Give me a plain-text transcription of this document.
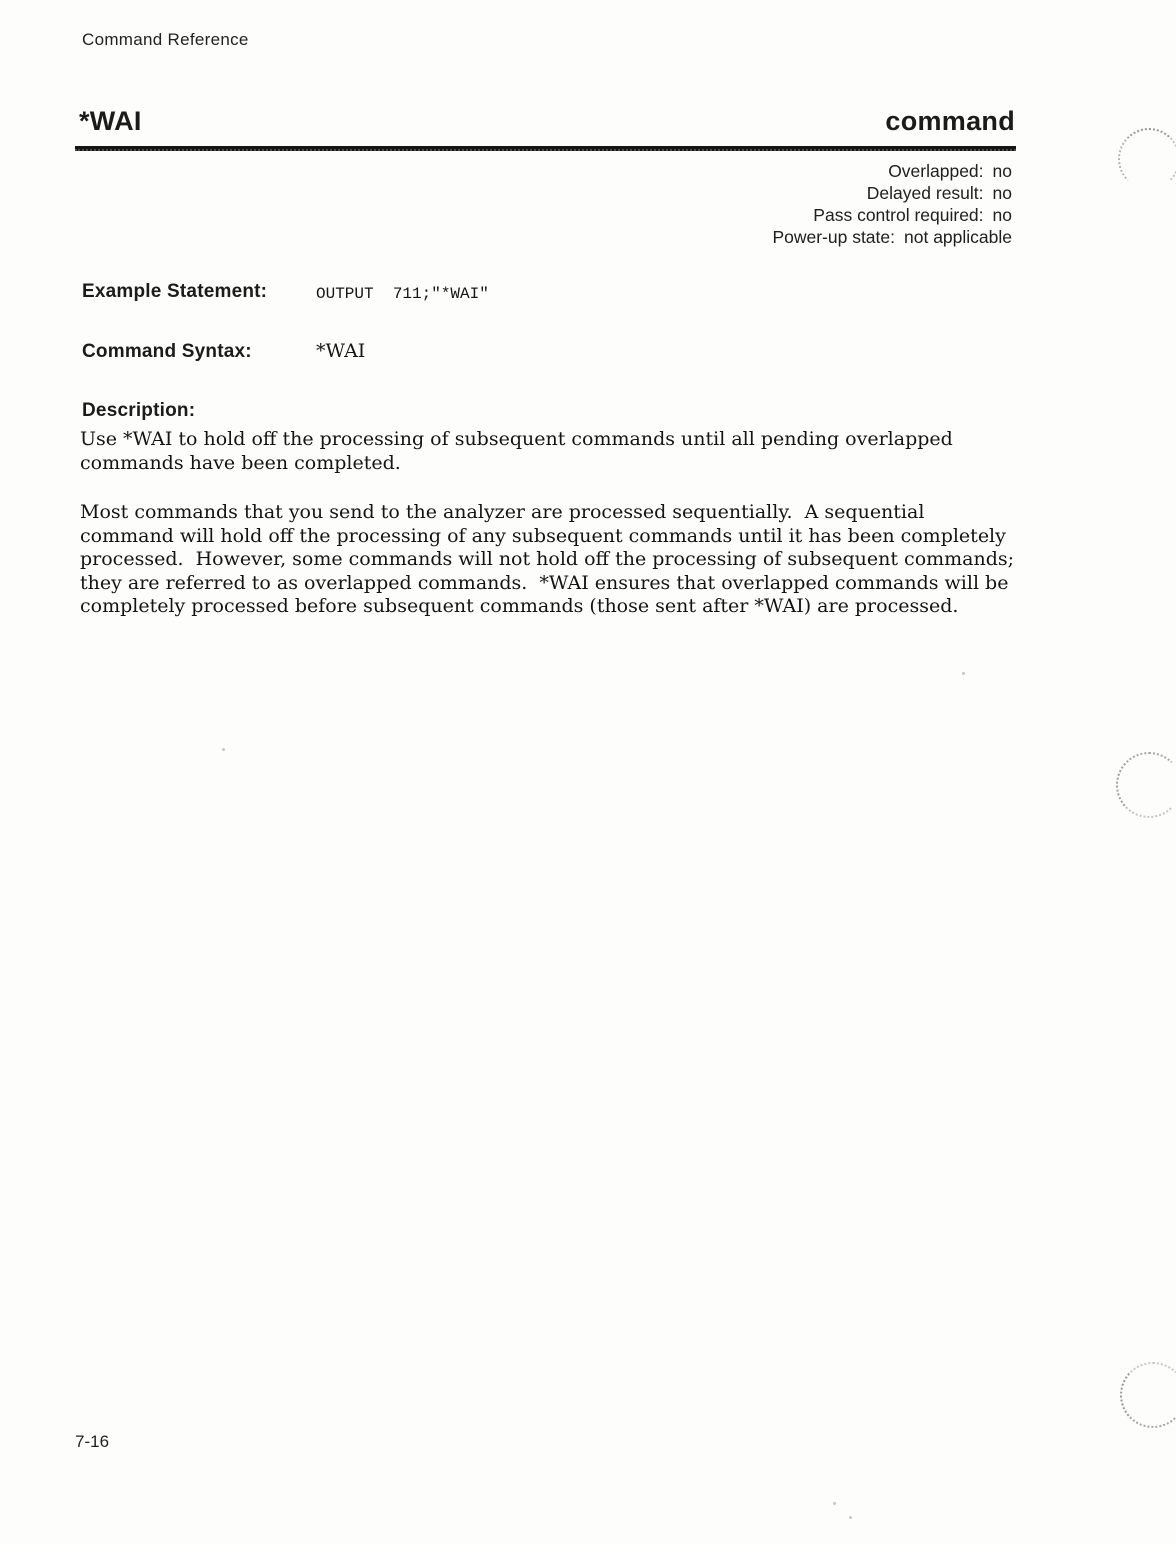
Command Reference
*WAI	command
Overlapped: no
Delayed result: no
Pass control required: no
Power-up state: not applicable
Example Statement:	OUTPUT  711;"*WAI"
Command Syntax:	*WAI
Description:
Use *WAI to hold off the processing of subsequent commands until all pending overlapped commands have been completed.
Most commands that you send to the analyzer are processed sequentially.  A sequential command will hold off the processing of any subsequent commands until it has been completely processed.  However, some commands will not hold off the processing of subsequent commands; they are referred to as overlapped commands.  *WAI ensures that overlapped commands will be completely processed before subsequent commands (those sent after *WAI) are processed.
7-16
